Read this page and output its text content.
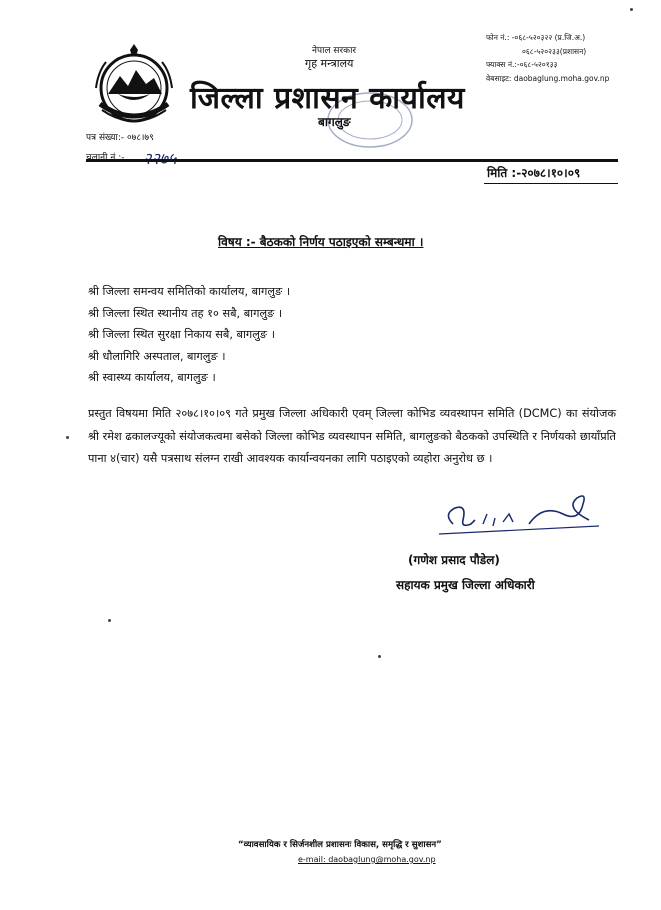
नेपाल सरकार
गृह मन्त्रालय
जिल्ला प्रशासन कार्यालय
बागलुङ
फोन नं.: -०६८-५२०३२२ (प्र.जि.अ.)
०६८-५२०२३३(प्रशासन)
फ्याक्स नं.:-०६८-५२०१३३
वेबसाइट: daobaglung.moha.gov.np
पत्र संख्या:- ०७८।७९
चलानी नं.:- २२७५
मिति :-२०७८।१०।०९
विषय :- बैठकको निर्णय पठाइएको सम्बन्धमा ।
श्री जिल्ला समन्वय समितिको कार्यालय, बागलुङ ।
श्री जिल्ला स्थित स्थानीय तह १० सबै, बागलुङ ।
श्री जिल्ला स्थित सुरक्षा निकाय सबै, बागलुङ ।
श्री धौलागिरि अस्पताल, बागलुङ ।
श्री स्वास्थ्य कार्यालय, बागलुङ ।

प्रस्तुत विषयमा मिति २०७८।१०।०९ गते प्रमुख जिल्ला अधिकारी एवम् जिल्ला कोभिड व्यवस्थापन समिति (DCMC) का संयोजक श्री रमेश ढकालज्यूको संयोजकत्वमा बसेको जिल्ला कोभिड व्यवस्थापन समिति, बागलुङको बैठकको उपस्थिति र निर्णयको छायाँप्रति पाना ४(चार) यसै पत्रसाथ संलग्न राखी आवश्यक कार्यान्वयनका लागि पठाइएको व्यहोरा अनुरोध छ ।

(गणेश प्रसाद पौडेल)
सहायक प्रमुख जिल्ला अधिकारी
“व्यावसायिक र सिर्जनशील प्रशासनः विकास, समृद्धि र सुशासन”
e-mail: daobaglung@moha.gov.np
